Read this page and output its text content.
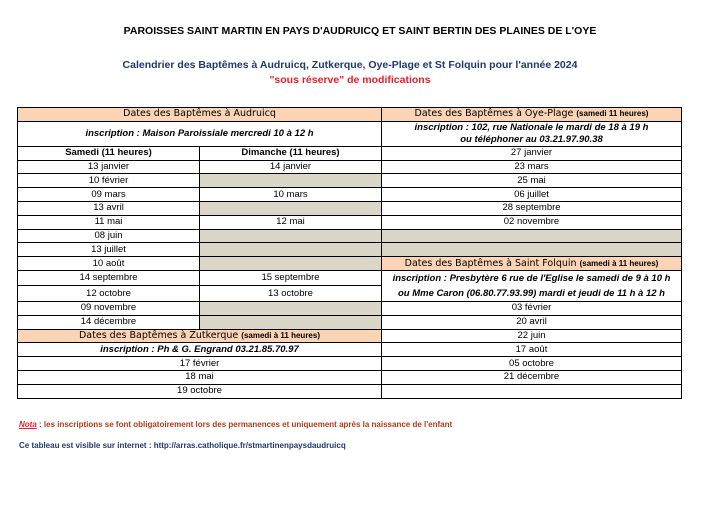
PAROISSES SAINT MARTIN EN PAYS D'AUDRUICQ ET SAINT BERTIN DES PLAINES DE L'OYE
Calendrier des Baptêmes à Audruicq, Zutkerque, Oye-Plage et St Folquin pour l'année 2024
"sous réserve" de modifications
Dates des Baptêmes à Audruicq		Dates des Baptêmes à Oye-Plage (samedi 11 heures)
inscription : Maison Paroissiale mercredi 10 à 12 h		inscription : 102, rue Nationale le mardi de 18 à 19 h
ou téléphoner au 03.21.97.90.38

Samedi (11 heures)	Dimanche (11 heures)	27 janvier
13 janvier	14 janvier	23 mars
10 février		25 mai
09 mars	10 mars	06 juillet
13 avril		28 septembre
11 mai	12 mai	02 novembre
08 juin		
13 juillet		
10 août		Dates des Baptêmes à Saint Folquin (samedi à 11 heures)
14 septembre	15 septembre	inscription : Presbytère 6 rue de l'Eglise le samedi de 9 à 10 h
ou Mme Caron (06.80.77.93.99) mardi et jeudi de 11 h à 12 h

12 octobre	13 octobre	
09 novembre		03 février
14 décembre		20 avril
Dates des Baptêmes à Zutkerque (samedi à 11 heures)		22 juin
inscription : Ph & G. Engrand 03.21.85.70.97		17 août
17 février		05 octobre
18 mai		21 décembre
19 octobre		
Nota : les inscriptions se font obligatoirement lors des permanences et uniquement après la naissance de l'enfant
Ce tableau est visible sur internet : http://arras.catholique.fr/stmartinenpaysdaudruicq
